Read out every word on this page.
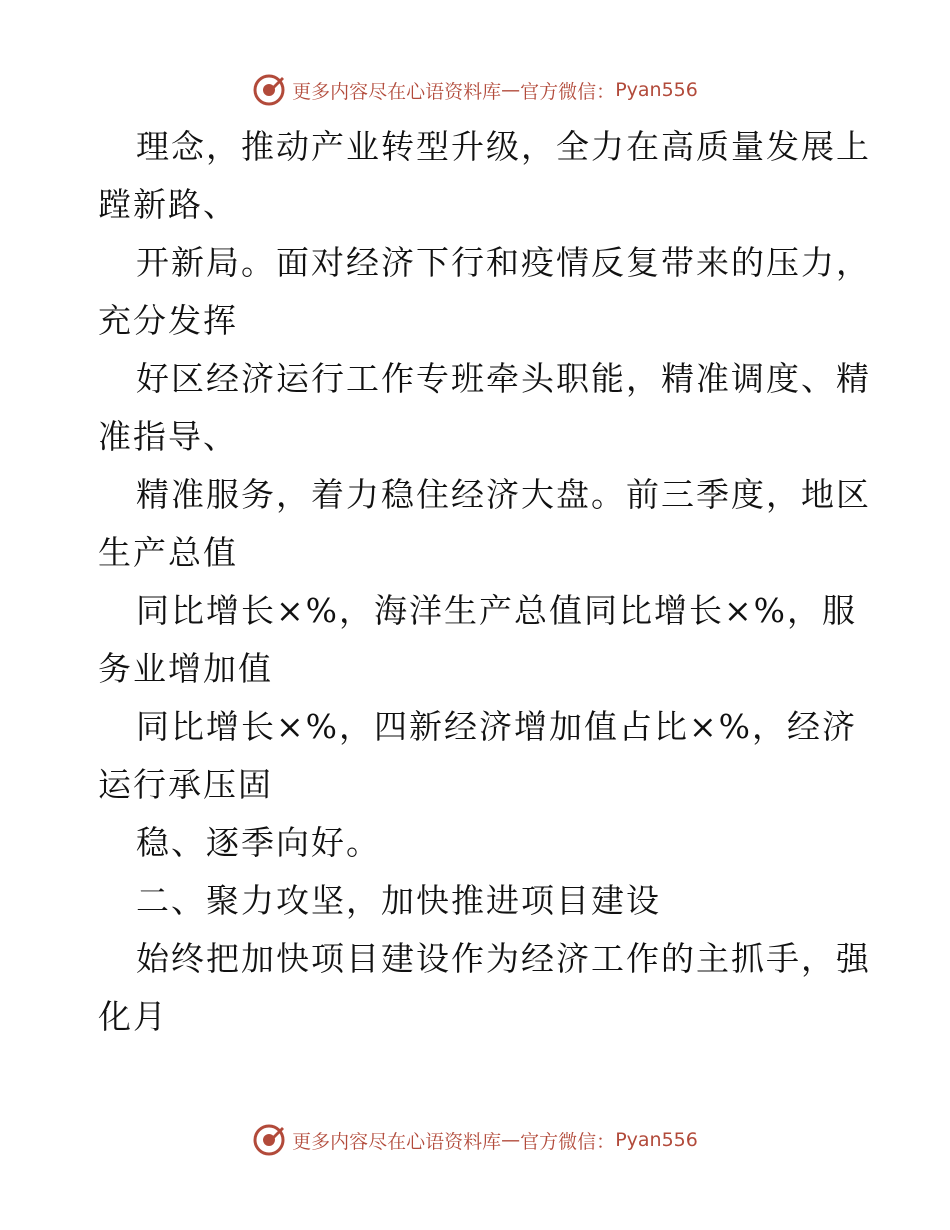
更多内容尽在心语资料库 — 官方微信： Pyan556
理念，推动产业转型升级，全力在高质量发展上
蹚新路、
开新局。面对经济下行和疫情反复带来的压力，
充分发挥
好区经济运行工作专班牵头职能，精准调度、精
准指导、
精准服务，着力稳住经济大盘。前三季度，地区
生产总值
同比增长×%，海洋生产总值同比增长×%，服
务业增加值
同比增长×%，四新经济增加值占比×%，经济
运行承压固
稳、逐季向好。
二、聚力攻坚，加快推进项目建设
始终把加快项目建设作为经济工作的主抓手，强
化月
更多内容尽在心语资料库 — 官方微信： Pyan556
